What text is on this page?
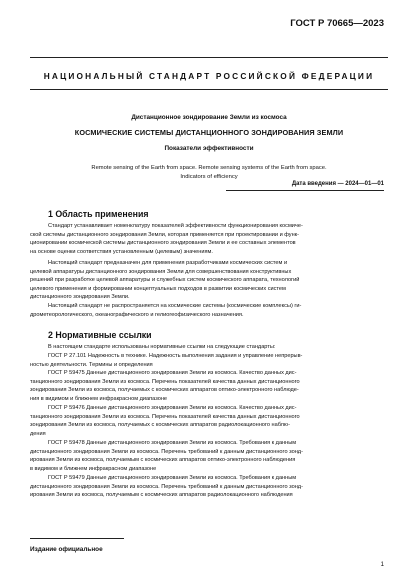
ГОСТ Р 70665—2023
НАЦИОНАЛЬНЫЙ СТАНДАРТ РОССИЙСКОЙ ФЕДЕРАЦИИ
Дистанционное зондирование Земли из космоса
КОСМИЧЕСКИЕ СИСТЕМЫ ДИСТАНЦИОННОГО ЗОНДИРОВАНИЯ ЗЕМЛИ
Показатели эффективности
Remote sensing of the Earth from space. Remote sensing systems of the Earth from space.
Indicators of efficiency
Дата введения — 2024—01—01
1 Область применения
Стандарт устанавливает номенклатуру показателей эффективности функционирования космиче-
ской системы дистанционного зондирования Земли, которая применяется при проектировании и функ-
ционировании космической системы дистанционного зондирования Земли и ее составных элементов
на основе оценки соответствия установленным (целевым) значениям.
Настоящий стандарт предназначен для применения разработчиками космических систем и
целевой аппаратуры дистанционного зондирования Земли для совершенствования конструктивных
решений при разработке целевой аппаратуры и служебных систем космического аппарата, технологий
целевого применения и формировании концептуальных подходов в развитии космических систем
дистанционного зондирования Земли.
Настоящий стандарт не распространяется на космические системы (космические комплексы) ги-
дрометеорологического, океанографического и гелиогеофизического назначения.
2 Нормативные ссылки
В настоящем стандарте использованы нормативные ссылки на следующие стандарты:
ГОСТ Р 27.101 Надежность в технике. Надежность выполнения задания и управление непрерыв-
ностью деятельности. Термины и определения
ГОСТ Р 59475 Данные дистанционного зондирования Земли из космоса. Качество данных дис-
танционного зондирования Земли из космоса. Перечень показателей качества данных дистанционного
зондирования Земли из космоса, получаемых с космических аппаратов оптико-электронного наблюде-
ния в видимом и ближнем инфракрасном диапазоне
ГОСТ Р 59476 Данные дистанционного зондирования Земли из космоса. Качество данных дис-
танционного зондирования Земли из космоса. Перечень показателей качества данных дистанционного
зондирования Земли из космоса, получаемых с космических аппаратов радиолокационного наблю-
дения
ГОСТ Р 59478 Данные дистанционного зондирования Земли из космоса. Требования к данным
дистанционного зондирования Земли из космоса. Перечень требований к данным дистанционного зонд-
ирования Земли из космоса, получаемым с космических аппаратов оптико-электронного наблюдения
в видимом и ближнем инфракрасном диапазоне
ГОСТ Р 59479 Данные дистанционного зондирования Земли из космоса. Требования к данным
дистанционного зондирования Земли из космоса. Перечень требований к данным дистанционного зонд-
ирования Земли из космоса, получаемым с космических аппаратов радиолокационного наблюдения
Издание официальное
1
